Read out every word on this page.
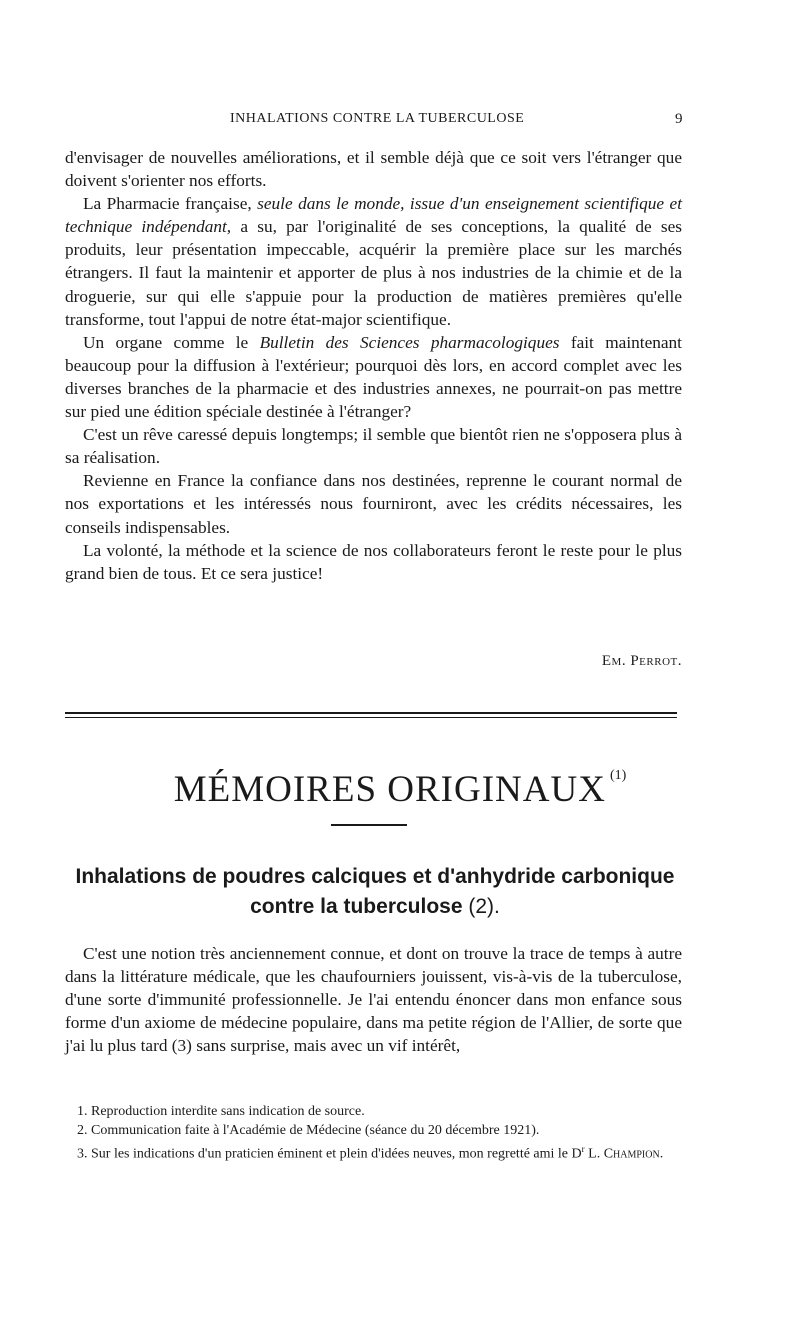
INHALATIONS CONTRE LA TUBERCULOSE	9

d'envisager de nouvelles améliorations, et il semble déjà que ce soit vers l'étranger que doivent s'orienter nos efforts.

La Pharmacie française, seule dans le monde, issue d'un enseignement scientifique et technique indépendant, a su, par l'originalité de ses conceptions, la qualité de ses produits, leur présentation impeccable, acquérir la première place sur les marchés étrangers. Il faut la maintenir et apporter de plus à nos industries de la chimie et de la droguerie, sur qui elle s'appuie pour la production de matières premières qu'elle transforme, tout l'appui de notre état-major scientifique.

Un organe comme le Bulletin des Sciences pharmacologiques fait maintenant beaucoup pour la diffusion à l'extérieur; pourquoi dès lors, en accord complet avec les diverses branches de la pharmacie et des industries annexes, ne pourrait-on pas mettre sur pied une édition spéciale destinée à l'étranger?

C'est un rêve caressé depuis longtemps; il semble que bientôt rien ne s'opposera plus à sa réalisation.

Revienne en France la confiance dans nos destinées, reprenne le courant normal de nos exportations et les intéressés nous fourniront, avec les crédits nécessaires, les conseils indispensables.

La volonté, la méthode et la science de nos collaborateurs feront le reste pour le plus grand bien de tous. Et ce sera justice!

Em. Perrot.
MÉMOIRES ORIGINAUX $^{(1)}$
Inhalations de poudres calciques et d'anhydride carbonique
contre la tuberculose (2).

C'est une notion très anciennement connue, et dont on trouve la trace de temps à autre dans la littérature médicale, que les chaufourniers jouissent, vis-à-vis de la tuberculose, d'une sorte d'immunité professionnelle. Je l'ai entendu énoncer dans mon enfance sous forme d'un axiome de médecine populaire, dans ma petite région de l'Allier, de sorte que j'ai lu plus tard (3) sans surprise, mais avec un vif intérêt,

1. Reproduction interdite sans indication de source.

2. Communication faite à l'Académie de Médecine (séance du 20 décembre 1921).

3. Sur les indications d'un praticien éminent et plein d'idées neuves, mon regretté ami le $D^r$ L. Champion.
